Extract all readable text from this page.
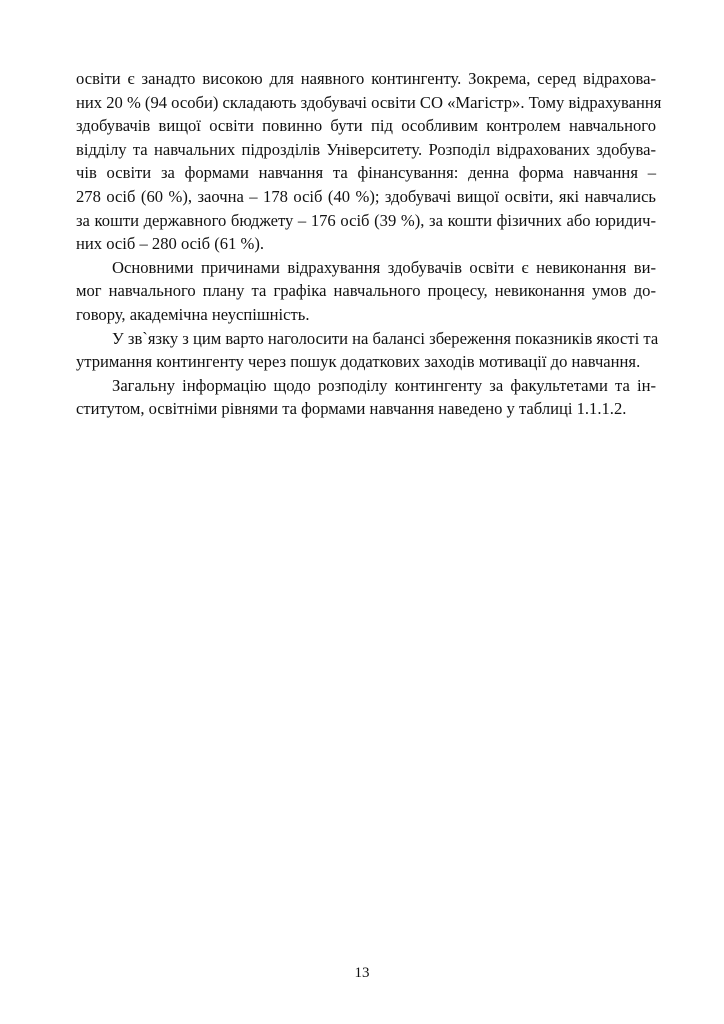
освіти є занадто високою для наявного контингенту. Зокрема, серед відрахова-
них 20 % (94 особи) складають здобувачі освіти СО «Магістр». Тому відрахування
здобувачів вищої освіти повинно бути під особливим контролем навчального
відділу та навчальних підрозділів Університету. Розподіл відрахованих здобува-
чів освіти за формами навчання та фінансування: денна форма навчання –
278 осіб (60 %), заочна – 178 осіб (40 %); здобувачі вищої освіти, які навчались
за кошти державного бюджету – 176 осіб (39 %), за кошти фізичних або юридич-
них осіб – 280 осіб (61 %).
Основними причинами відрахування здобувачів освіти є невиконання ви-
мог навчального плану та графіка навчального процесу, невиконання умов до-
говору, академічна неуспішність.
У зв`язку з цим варто наголосити на балансі збереження показників якості та
утримання контингенту через пошук додаткових заходів мотивації до навчання.
Загальну інформацію щодо розподілу контингенту за факультетами та ін-
ститутом, освітніми рівнями та формами навчання наведено у таблиці 1.1.1.2.
13
